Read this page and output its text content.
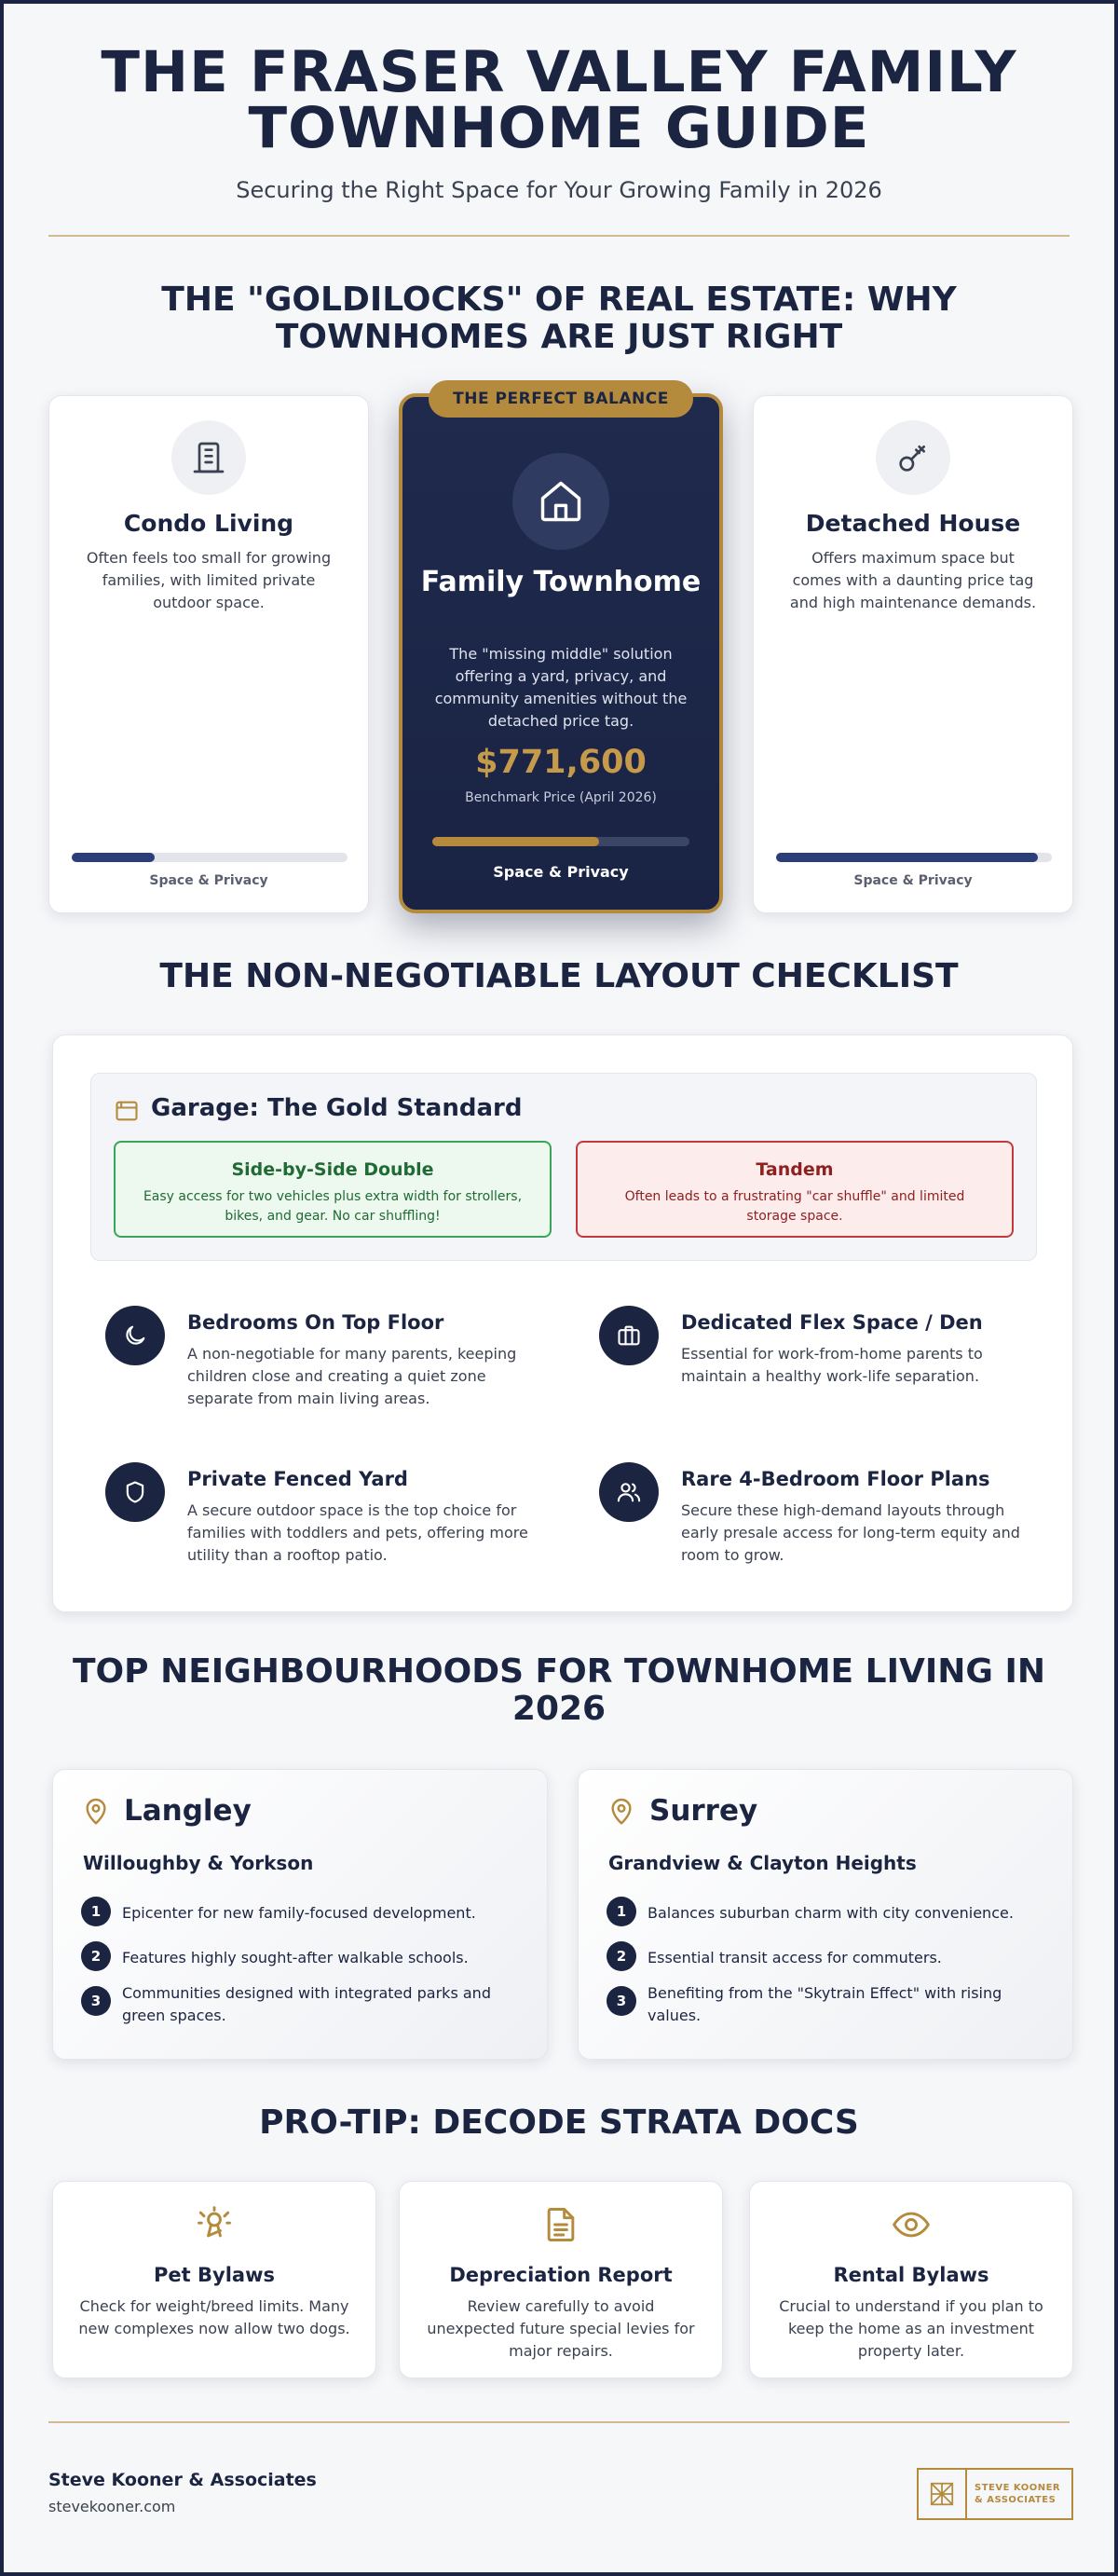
THE FRASER VALLEY FAMILY TOWNHOME GUIDE
Securing the Right Space for Your Growing Family in 2026
THE "GOLDILOCKS" OF REAL ESTATE: WHY TOWNHOMES ARE JUST RIGHT
Condo Living

Often feels too small for growing families, with limited private outdoor space.

Space & Privacy
THE PERFECT BALANCE
Family Townhome

The "missing middle" solution offering a yard, privacy, and community amenities without the detached price tag.

$771,600
Benchmark Price (April 2026)
Space & Privacy
Detached House

Offers maximum space but comes with a daunting price tag and high maintenance demands.

Space & Privacy
THE NON-NEGOTIABLE LAYOUT CHECKLIST
Garage: The Gold Standard
Side-by-Side Double

Easy access for two vehicles plus extra width for strollers, bikes, and gear. No car shuffling!

Tandem

Often leads to a frustrating "car shuffle" and limited storage space.

Bedrooms On Top Floor

A non-negotiable for many parents, keeping children close and creating a quiet zone separate from main living areas.

Dedicated Flex Space / Den

Essential for work-from-home parents to maintain a healthy work-life separation.

Private Fenced Yard

A secure outdoor space is the top choice for families with toddlers and pets, offering more utility than a rooftop patio.

Rare 4-Bedroom Floor Plans

Secure these high-demand layouts through early presale access for long-term equity and room to grow.

TOP NEIGHBOURHOODS FOR TOWNHOME LIVING IN 2026
Langley
Willoughby & Yorkson
1	Epicenter for new family-focused development.
2	Features highly sought-after walkable schools.
3	Communities designed with integrated parks and green spaces.
Surrey
Grandview & Clayton Heights
1	Balances suburban charm with city convenience.
2	Essential transit access for commuters.
3	Benefiting from the "Skytrain Effect" with rising values.
PRO-TIP: DECODE STRATA DOCS
Pet Bylaws

Check for weight/breed limits. Many new complexes now allow two dogs.

Depreciation Report

Review carefully to avoid unexpected future special levies for major repairs.

Rental Bylaws

Crucial to understand if you plan to keep the home as an investment property later.

Steve Kooner & Associates
stevekooner.com
STEVE KOONER
& ASSOCIATES
